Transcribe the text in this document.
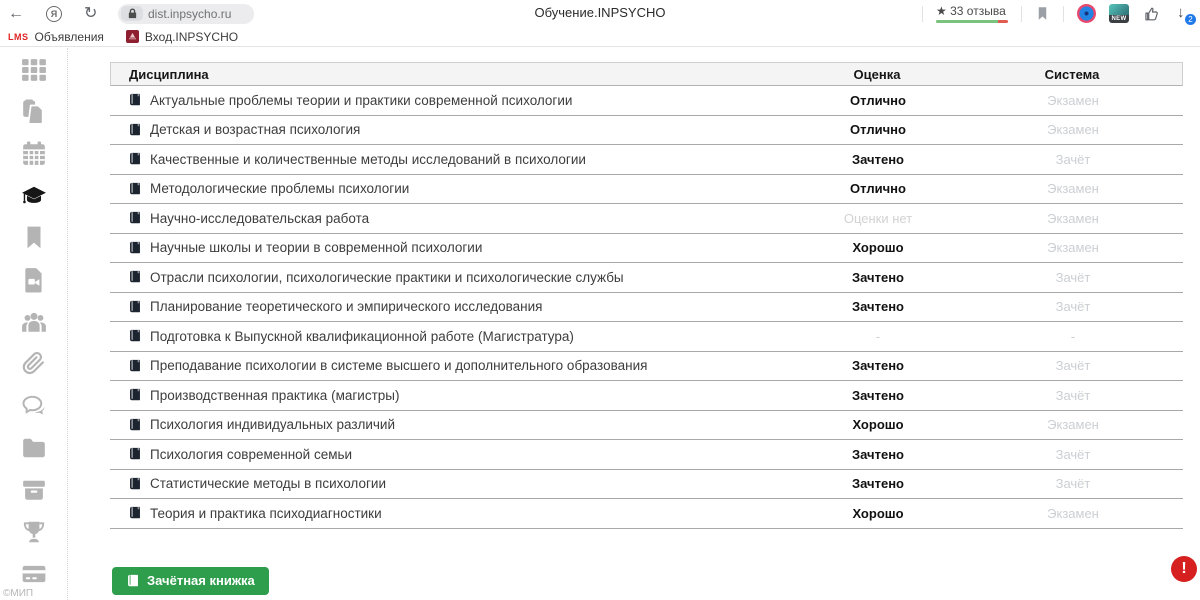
←	Я ↻	dist.inpsycho.ru	Обучение.INPSYCHO	★ 33 отзыва
NEW	↓ 2
LMS Объявления	Вход.INPSYCHO
©МИП
Дисциплина	Оценка	Система
Актуальные проблемы теории и практики современной психологии	Отлично	Экзамен
Детская и возрастная психология	Отлично	Экзамен
Качественные и количественные методы исследований в психологии	Зачтено	Зачёт
Методологические проблемы психологии	Отлично	Экзамен
Научно-исследовательская работа	Оценки нет	Экзамен
Научные школы и теории в современной психологии	Хорошо	Экзамен
Отрасли психологии, психологические практики и психологические службы	Зачтено	Зачёт
Планирование теоретического и эмпирического исследования	Зачтено	Зачёт
Подготовка к Выпускной квалификационной работе (Магистратура)	-	-
Преподавание психологии в системе высшего и дополнительного образования	Зачтено	Зачёт
Производственная практика (магистры)	Зачтено	Зачёт
Психология индивидуальных различий	Хорошо	Экзамен
Психология современной семьи	Зачтено	Зачёт
Статистические методы в психологии	Зачтено	Зачёт
Теория и практика психодиагностики	Хорошо	Экзамен
Зачётная книжка
!
